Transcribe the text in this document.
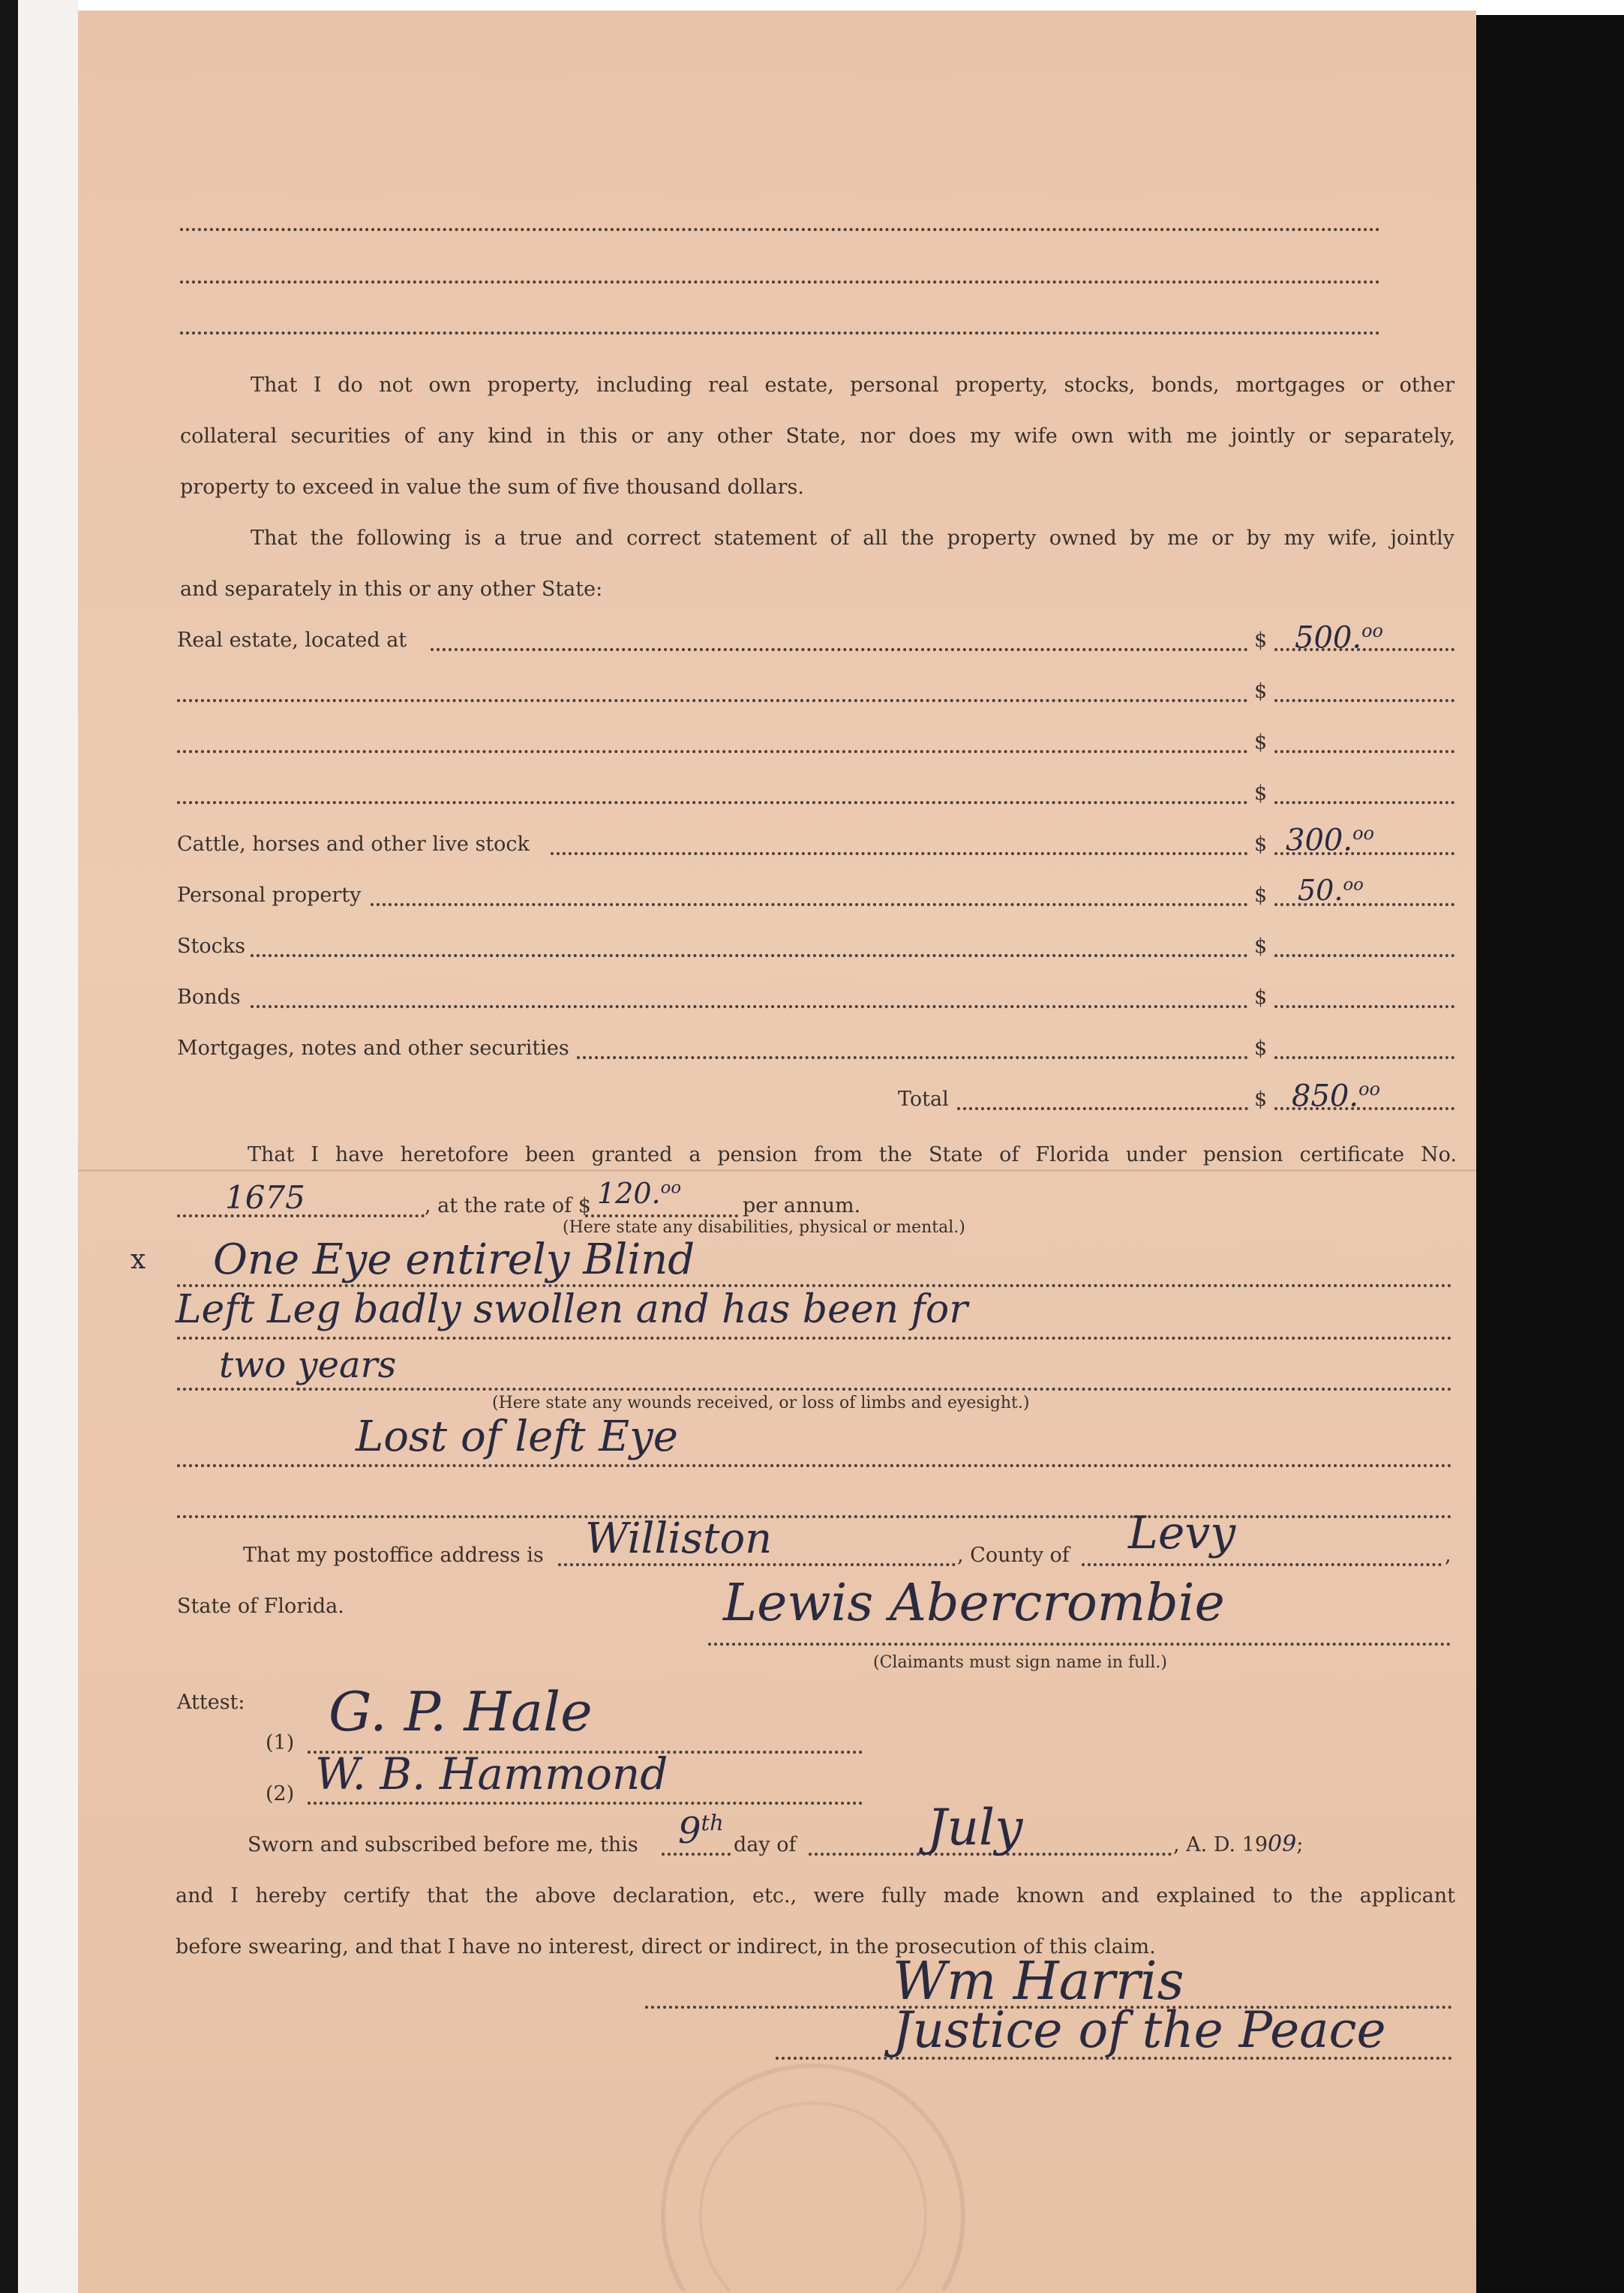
That I do not own property, including real estate, personal property, stocks, bonds, mortgages or other
collateral securities of any kind in this or any other State, nor does my wife own with me jointly or separately,
property to exceed in value the sum of five thousand dollars.
That the following is a true and correct statement of all the property owned by me or by my wife, jointly
and separately in this or any other State:
Real estate, located at	$ 500.$^{oo}$
$
$
$
Cattle, horses and other live stock	$ 300.$^{oo}$
Personal property	$ 50.$^{oo}$
Stocks	$
Bonds	$
Mortgages, notes and other securities	$
Total	$ 850.$^{oo}$
That I have heretofore been granted a pension from the State of Florida under pension certificate No.
1675	, at the rate of $ 120.$^{oo}$
per annum.
(Here state any disabilities, physical or mental.)
x One Eye entirely Blind
Left Leg badly swollen and has been for
two years
(Here state any wounds received, or loss of limbs and eyesight.)
Lost of left Eye
That my postoffice address is Williston	, County of Levy	,
State of Florida.	Lewis Abercrombie
(Claimants must sign name in full.)
Attest:
(1) G. P. Hale
(2) W. B. Hammond
Sworn and subscribed before me, this 9th
day of	July	, A. D. 1909;
and I hereby certify that the above declaration, etc., were fully made known and explained to the applicant
before swearing, and that I have no interest, direct or indirect, in the prosecution of this claim.
Wm Harris
Justice of the Peace
